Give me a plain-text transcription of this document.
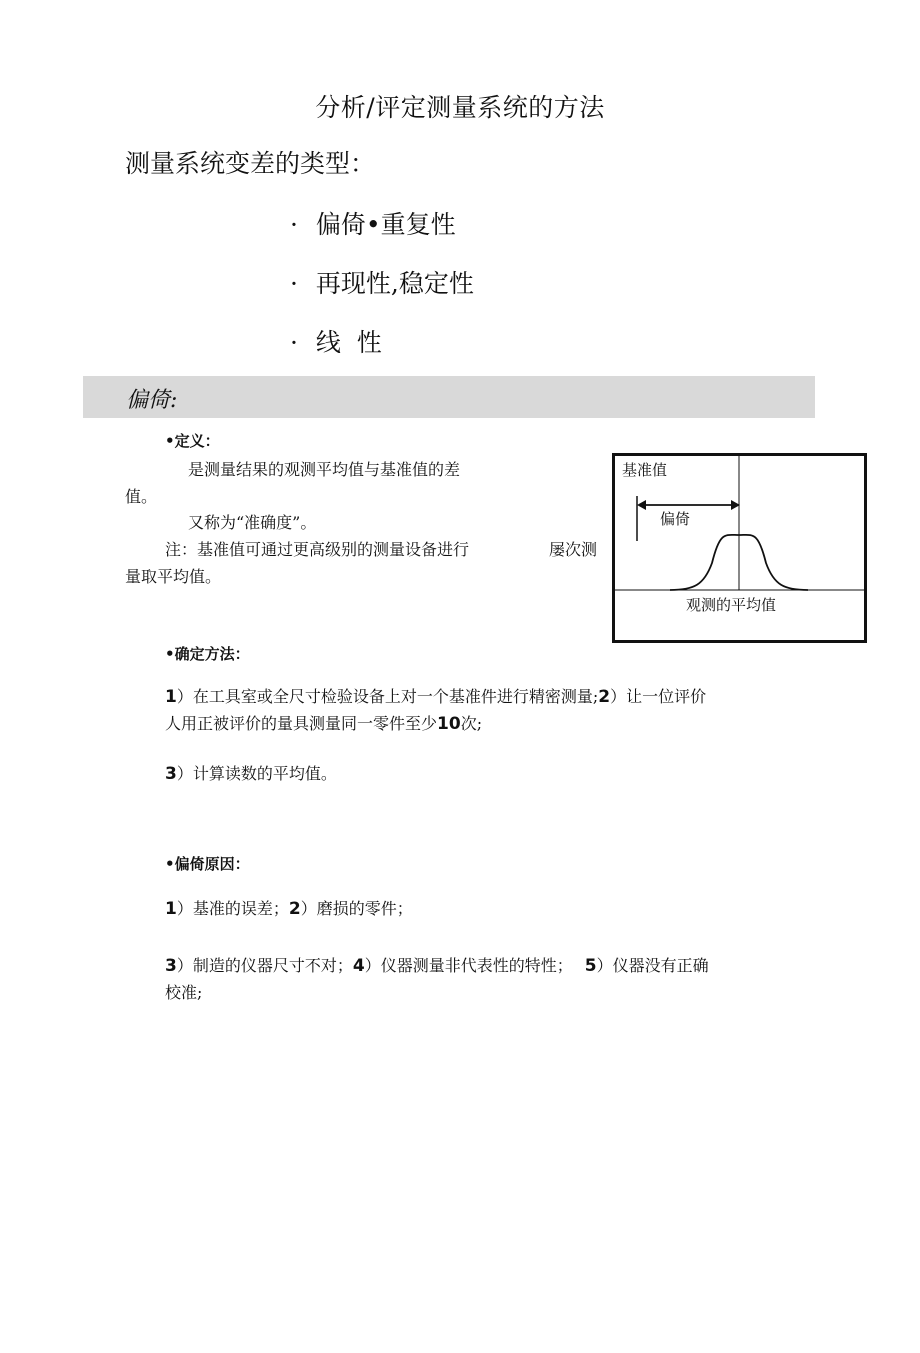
分析/评定测量系统的方法
测量系统变差的类型：
· 偏倚•重复性
· 再现性,稳定性
· 线  性
偏倚:
•定义：
是测量结果的观测平均值与基准值的差
值。
又称为“准确度”。
注：基准值可通过更高级别的测量设备进行	屡次测
量取平均值。
基准值
偏倚
观测的平均值
•确定方法：
1）在工具室或全尺寸检验设备上对一个基准件进行精密测量;2）让一位评价
人用正被评价的量具测量同一零件至少10次;
3）计算读数的平均值。
•偏倚原因：
1）基准的误差；2）磨损的零件；
3）制造的仪器尺寸不对；4）仪器测量非代表性的特性； 5）仪器没有正确
校准;
